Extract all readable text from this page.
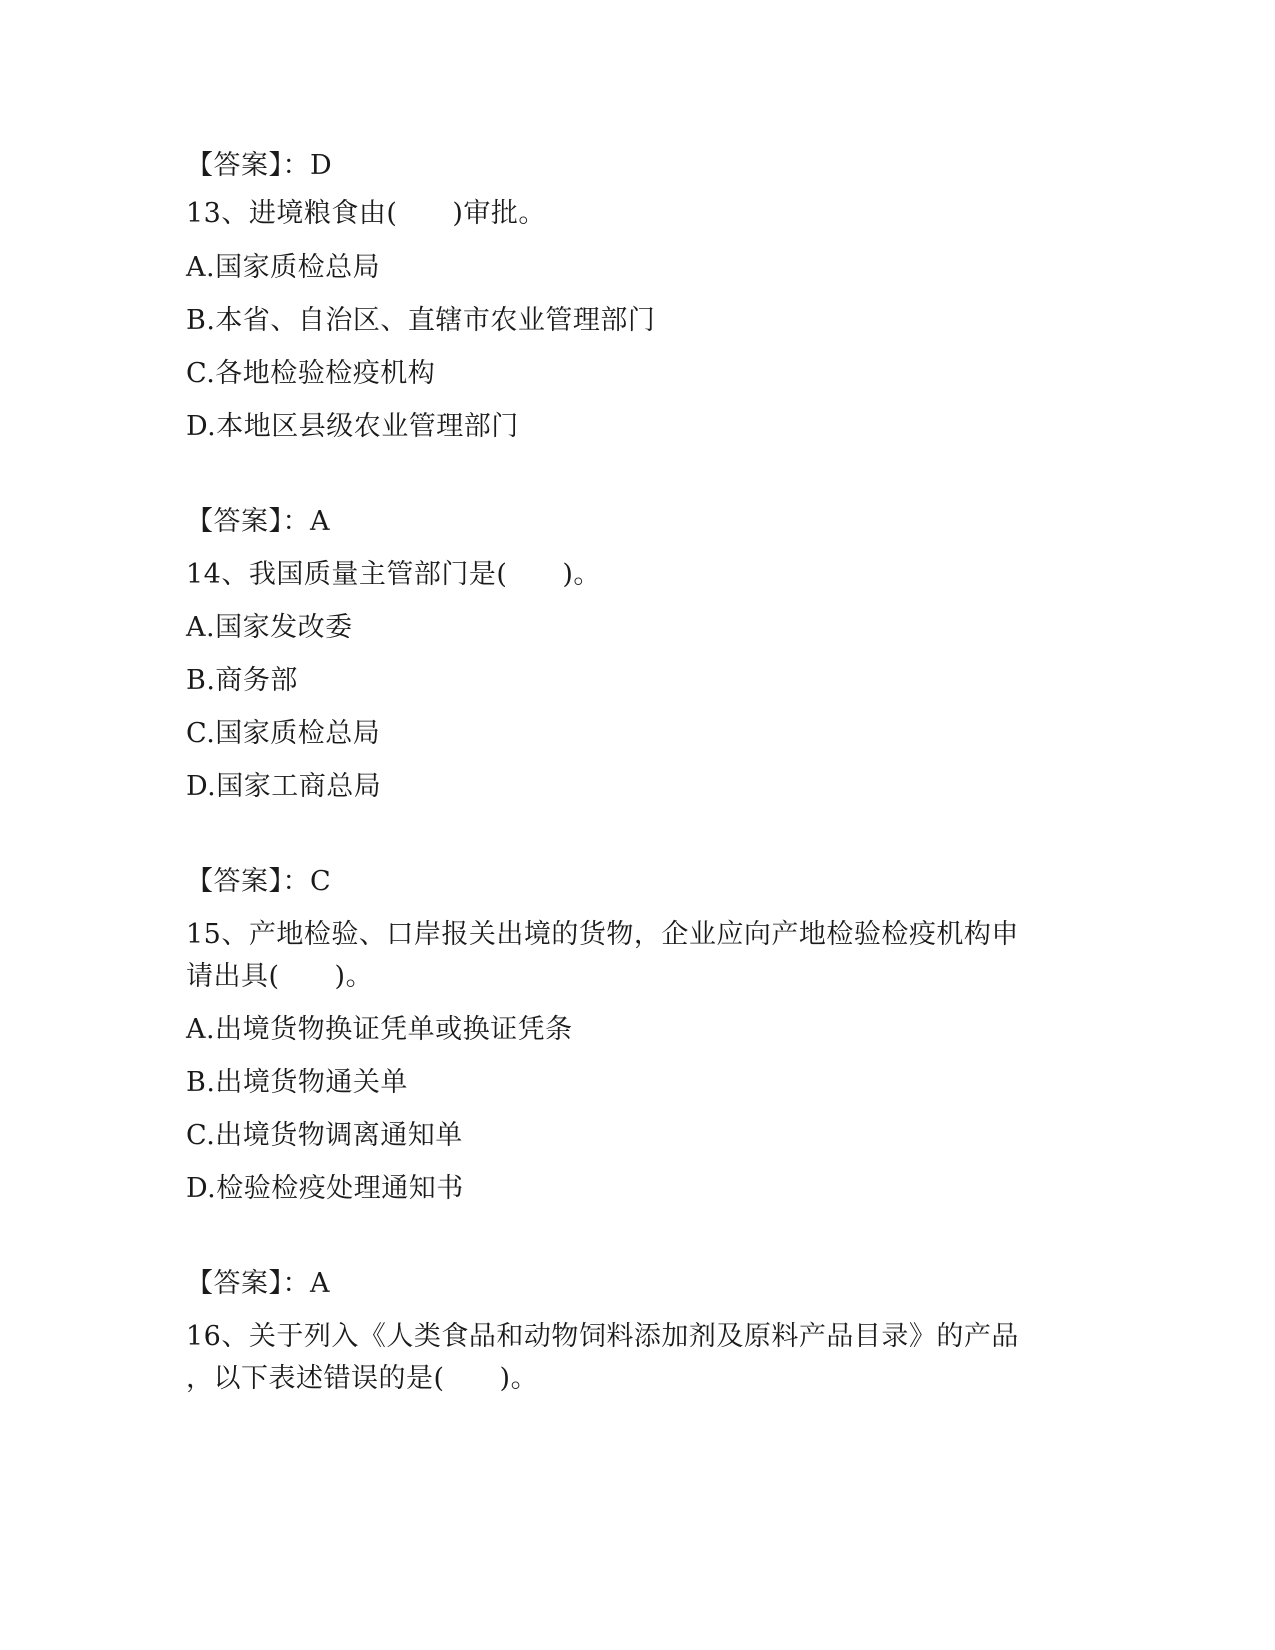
【答案】：D
13、进境粮食由(　　)审批。
A.国家质检总局
B.本省、自治区、直辖市农业管理部门
C.各地检验检疫机构
D.本地区县级农业管理部门
【答案】：A
14、我国质量主管部门是(　　)。
A.国家发改委
B.商务部
C.国家质检总局
D.国家工商总局
【答案】：C
15、产地检验、口岸报关出境的货物，企业应向产地检验检疫机构申
请出具(　　)。
A.出境货物换证凭单或换证凭条
B.出境货物通关单
C.出境货物调离通知单
D.检验检疫处理通知书
【答案】：A
16、关于列入《人类食品和动物饲料添加剂及原料产品目录》的产品
，以下表述错误的是(　　)。
